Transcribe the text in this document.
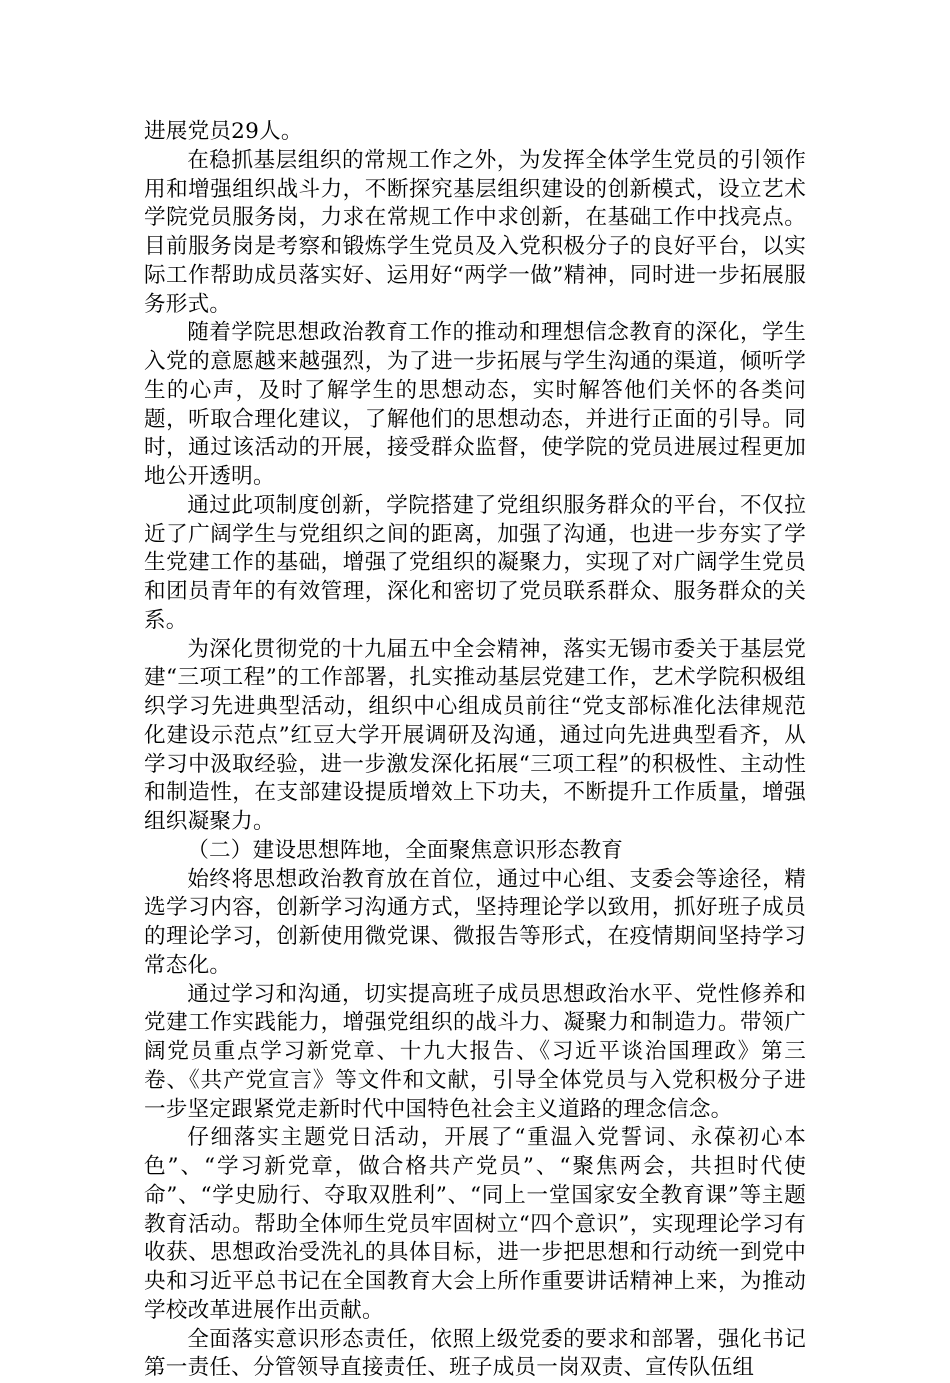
进展党员29人。

在稳抓基层组织的常规工作之外，为发挥全体学生党员的引领作用和增强组织战斗力，不断探究基层组织建设的创新模式，设立艺术学院党员服务岗，力求在常规工作中求创新，在基础工作中找亮点。目前服务岗是考察和锻炼学生党员及入党积极分子的良好平台，以实际工作帮助成员落实好、运用好“两学一做”精神，同时进一步拓展服务形式。

随着学院思想政治教育工作的推动和理想信念教育的深化，学生入党的意愿越来越强烈，为了进一步拓展与学生沟通的渠道，倾听学生的心声，及时了解学生的思想动态，实时解答他们关怀的各类问题，听取合理化建议，了解他们的思想动态，并进行正面的引导。同时，通过该活动的开展，接受群众监督，使学院的党员进展过程更加地公开透明。

通过此项制度创新，学院搭建了党组织服务群众的平台，不仅拉近了广阔学生与党组织之间的距离，加强了沟通，也进一步夯实了学生党建工作的基础，增强了党组织的凝聚力，实现了对广阔学生党员和团员青年的有效管理，深化和密切了党员联系群众、服务群众的关系。

为深化贯彻党的十九届五中全会精神，落实无锡市委关于基层党建“三项工程”的工作部署，扎实推动基层党建工作，艺术学院积极组织学习先进典型活动，组织中心组成员前往“党支部标准化法律规范化建设示范点”红豆大学开展调研及沟通，通过向先进典型看齐，从学习中汲取经验，进一步激发深化拓展“三项工程”的积极性、主动性和制造性，在支部建设提质增效上下功夫，不断提升工作质量，增强组织凝聚力。

（二）建设思想阵地，全面聚焦意识形态教育

始终将思想政治教育放在首位，通过中心组、支委会等途径，精选学习内容，创新学习沟通方式，坚持理论学以致用，抓好班子成员的理论学习，创新使用微党课、微报告等形式，在疫情期间坚持学习常态化。

通过学习和沟通，切实提高班子成员思想政治水平、党性修养和党建工作实践能力，增强党组织的战斗力、凝聚力和制造力。带领广阔党员重点学习新党章、十九大报告、《习近平谈治国理政》第三卷、《共产党宣言》等文件和文献，引导全体党员与入党积极分子进一步坚定跟紧党走新时代中国特色社会主义道路的理念信念。

仔细落实主题党日活动，开展了“重温入党誓词、永葆初心本色”、“学习新党章，做合格共产党员”、“聚焦两会，共担时代使命”、“学史励行、夺取双胜利”、“同上一堂国家安全教育课”等主题教育活动。帮助全体师生党员牢固树立“四个意识”，实现理论学习有收获、思想政治受洗礼的具体目标，进一步把思想和行动统一到党中央和习近平总书记在全国教育大会上所作重要讲话精神上来，为推动学校改革进展作出贡献。

全面落实意识形态责任，依照上级党委的要求和部署，强化书记第一责任、分管领导直接责任、班子成员一岗双责、宣传队伍组
